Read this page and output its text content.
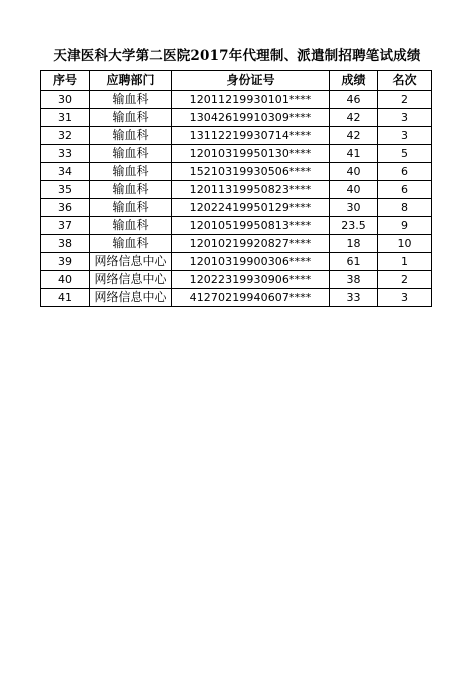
天津医科大学第二医院2017年代理制、派遣制招聘笔试成绩
序号	应聘部门	身份证号	成绩	名次
30	输血科	12011219930101****	46	2
31	输血科	13042619910309****	42	3
32	输血科	13112219930714****	42	3
33	输血科	12010319950130****	41	5
34	输血科	15210319930506****	40	6
35	输血科	12011319950823****	40	6
36	输血科	12022419950129****	30	8
37	输血科	12010519950813****	23.5	9
38	输血科	12010219920827****	18	10
39	网络信息中心	12010319900306****	61	1
40	网络信息中心	12022319930906****	38	2
41	网络信息中心	41270219940607****	33	3
